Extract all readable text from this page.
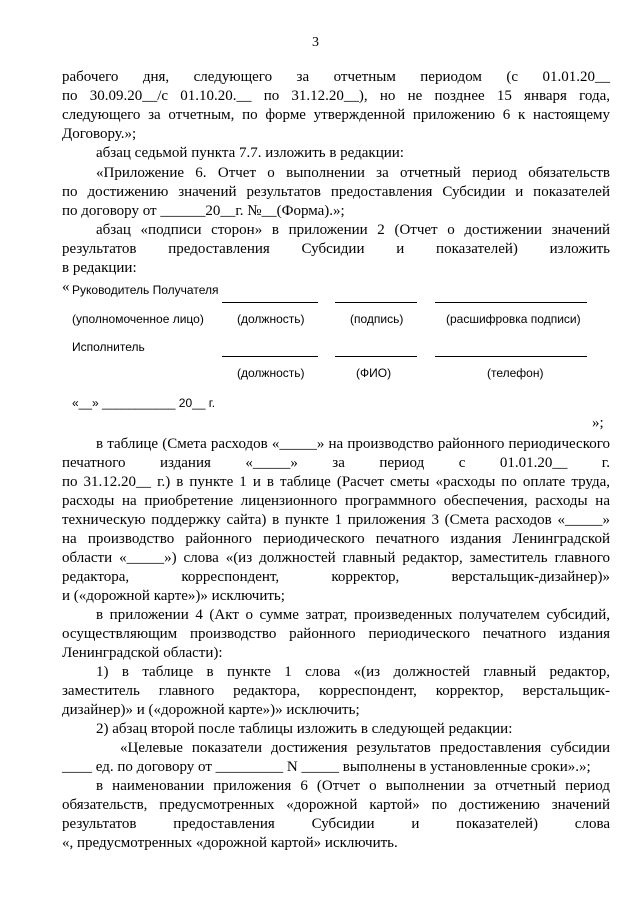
3
рабочего дня, следующего за отчетным периодом (с 01.01.20__
по 30.09.20__/с 01.10.20.__ по 31.12.20__), но не позднее 15 января года,
следующего за отчетным, по форме утвержденной приложению 6 к настоящему
Договору.»;
абзац седьмой пункта 7.7. изложить в редакции:
«Приложение 6. Отчет о выполнении за отчетный период обязательств
по достижению значений результатов предоставления Субсидии и показателей
по договору от ______20__г. №__(Форма).»;
абзац «подписи сторон» в приложении 2 (Отчет о достижении значений
результатов предоставления Субсидии и показателей) изложить
в редакции:
« Руководитель Получателя
(уполномоченное лицо)	(должность)	(подпись)	(расшифровка подписи)
Исполнитель
(должность)	(ФИО)	(телефон)
«__» ___________ 20__ г.
»;
в таблице (Смета расходов «_____» на производство районного периодического
печатного издания «_____» за период с 01.01.20__ г.
по 31.12.20__ г.) в пункте 1 и в таблице (Расчет сметы «расходы по оплате труда,
расходы на приобретение лицензионного программного обеспечения, расходы на
техническую поддержку сайта) в пункте 1 приложения 3 (Смета расходов «_____»
на производство районного периодического печатного издания Ленинградской
области «_____») слова «(из должностей главный редактор, заместитель главного
редактора, корреспондент, корректор, верстальщик-дизайнер)»
и («дорожной карте»)» исключить;
в приложении 4 (Акт о сумме затрат, произведенных получателем субсидий,
осуществляющим производство районного периодического печатного издания
Ленинградской области):
1) в таблице в пункте 1 слова «(из должностей главный редактор,
заместитель главного редактора, корреспондент, корректор, верстальщик-
дизайнер)» и («дорожной карте»)» исключить;
2) абзац второй после таблицы изложить в следующей редакции:
«Целевые показатели достижения результатов предоставления субсидии
____ ед. по договору от _________ N _____ выполнены в установленные сроки».»;
в наименовании приложения 6 (Отчет о выполнении за отчетный период
обязательств, предусмотренных «дорожной картой» по достижению значений
результатов предоставления Субсидии и показателей) слова
«, предусмотренных «дорожной картой» исключить.
